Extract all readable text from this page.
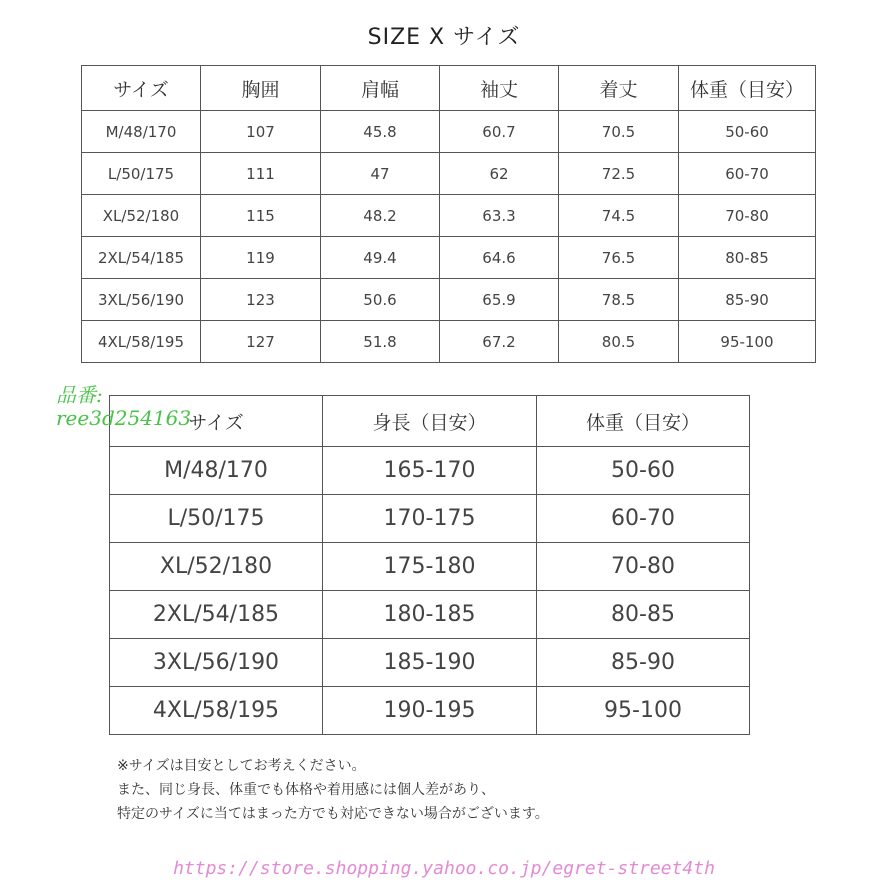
SIZE X サイズ
サイズ	胸囲	肩幅	袖丈	着丈	体重（目安）
M/48/170	107	45.8	60.7	70.5	50-60
L/50/175	111	47	62	72.5	60-70
XL/52/180	115	48.2	63.3	74.5	70-80
2XL/54/185	119	49.4	64.6	76.5	80-85
3XL/56/190	123	50.6	65.9	78.5	85-90
4XL/58/195	127	51.8	67.2	80.5	95-100
サイズ	身長（目安）	体重（目安）
M/48/170	165-170	50-60
L/50/175	170-175	60-70
XL/52/180	175-180	70-80
2XL/54/185	180-185	80-85
3XL/56/190	185-190	85-90
4XL/58/195	190-195	95-100
品番:
ree3d254163
※サイズは目安としてお考えください。
また、同じ身長、体重でも体格や着用感には個人差があり、
特定のサイズに当てはまった方でも対応できない場合がございます。
https://store.shopping.yahoo.co.jp/egret-street4th
